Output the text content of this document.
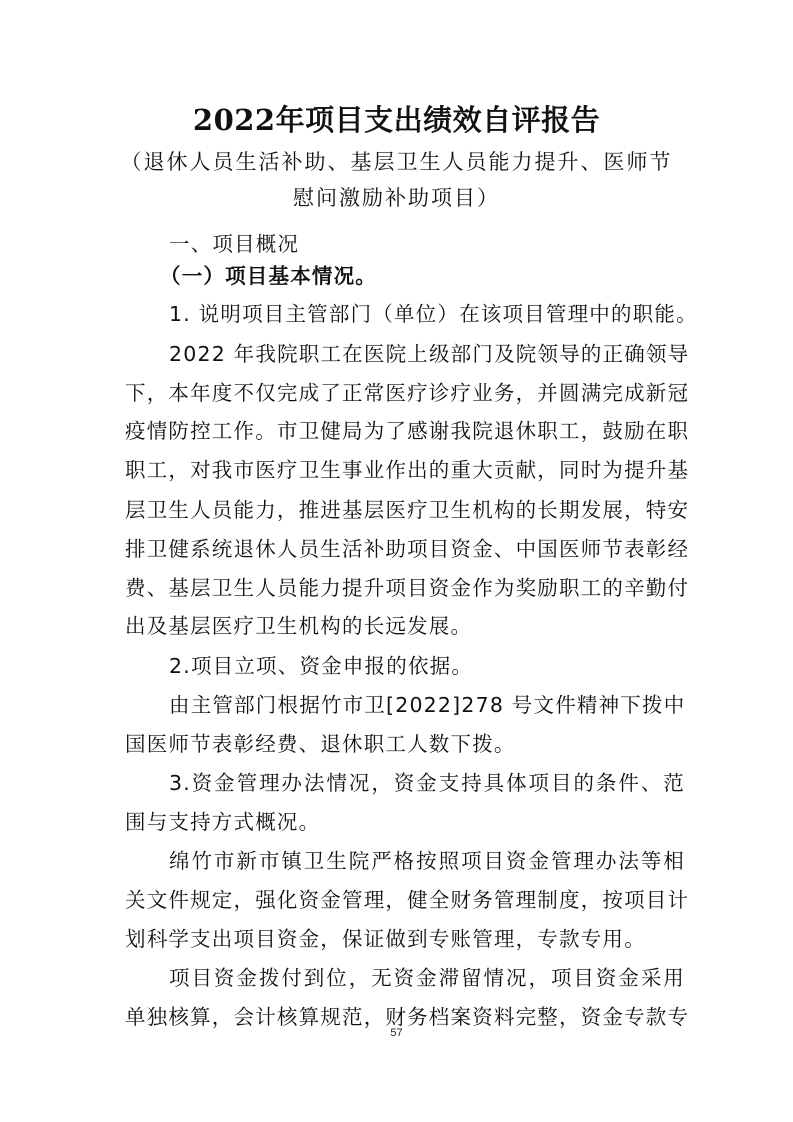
2022年项目支出绩效自评报告
（退休人员生活补助、基层卫生人员能力提升、医师节
慰问激励补助项目）
一、项目概况
（一）项目基本情况。
1. 说明项目主管部门（单位）在该项目管理中的职能。
2022 年我院职工在医院上级部门及院领导的正确领导
下，本年度不仅完成了正常医疗诊疗业务，并圆满完成新冠
疫情防控工作。市卫健局为了感谢我院退休职工，鼓励在职
职工，对我市医疗卫生事业作出的重大贡献，同时为提升基
层卫生人员能力，推进基层医疗卫生机构的长期发展，特安
排卫健系统退休人员生活补助项目资金、中国医师节表彰经
费、基层卫生人员能力提升项目资金作为奖励职工的辛勤付
出及基层医疗卫生机构的长远发展。
2.项目立项、资金申报的依据。
由主管部门根据竹市卫[2022]278 号文件精神下拨中
国医师节表彰经费、退休职工人数下拨。
3.资金管理办法情况，资金支持具体项目的条件、范
围与支持方式概况。
绵竹市新市镇卫生院严格按照项目资金管理办法等相
关文件规定，强化资金管理，健全财务管理制度，按项目计
划科学支出项目资金，保证做到专账管理，专款专用。
项目资金拨付到位，无资金滞留情况，项目资金采用
单独核算，会计核算规范，财务档案资料完整，资金专款专
57
